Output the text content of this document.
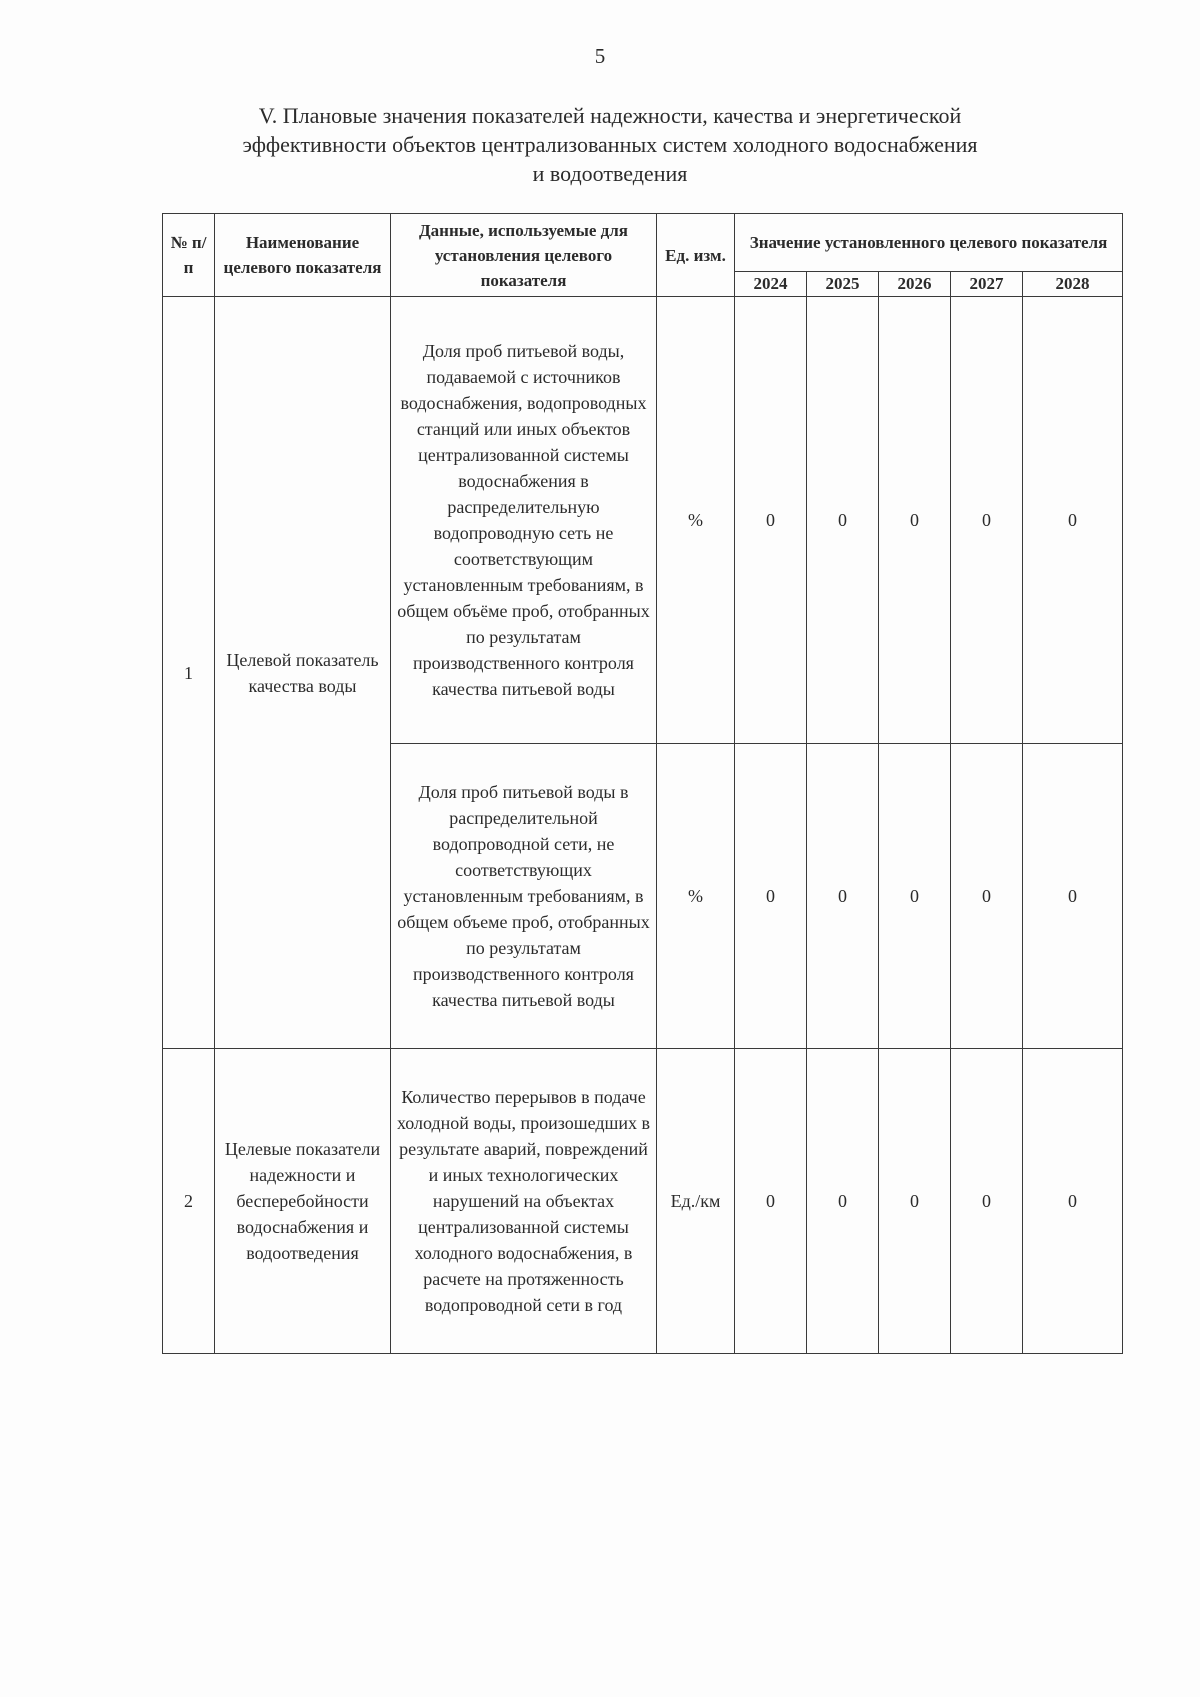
5
V. Плановые значения показателей надежности, качества и энергетической
эффективности объектов централизованных систем холодного водоснабжения
и водоотведения
№ п/п	Наименование целевого показателя	Данные, используемые для установления целевого показателя	Ед. изм.	Значение установленного целевого показателя				
				2024	2025	2026	2027	2028
1	Целевой показатель качества воды	Доля проб питьевой воды, подаваемой с источников водоснабжения, водопроводных станций или иных объектов централизованной системы водоснабжения в распределительную водопроводную сеть не соответствующим установленным требованиям, в общем объёме проб, отобранных по результатам производственного контроля качества питьевой воды	%	0	0	0	0	0
		Доля проб питьевой воды в распределительной водопроводной сети, не соответствующих установленным требованиям, в общем объеме проб, отобранных по результатам производственного контроля качества питьевой воды	%	0	0	0	0	0
2	Целевые показатели надежности и бесперебойности водоснабжения и водоотведения	Количество перерывов в подаче холодной воды, произошедших в результате аварий, повреждений и иных технологических нарушений на объектах централизованной системы холодного водоснабжения, в расчете на протяженность водопроводной сети в год	Ед./км	0	0	0	0	0
